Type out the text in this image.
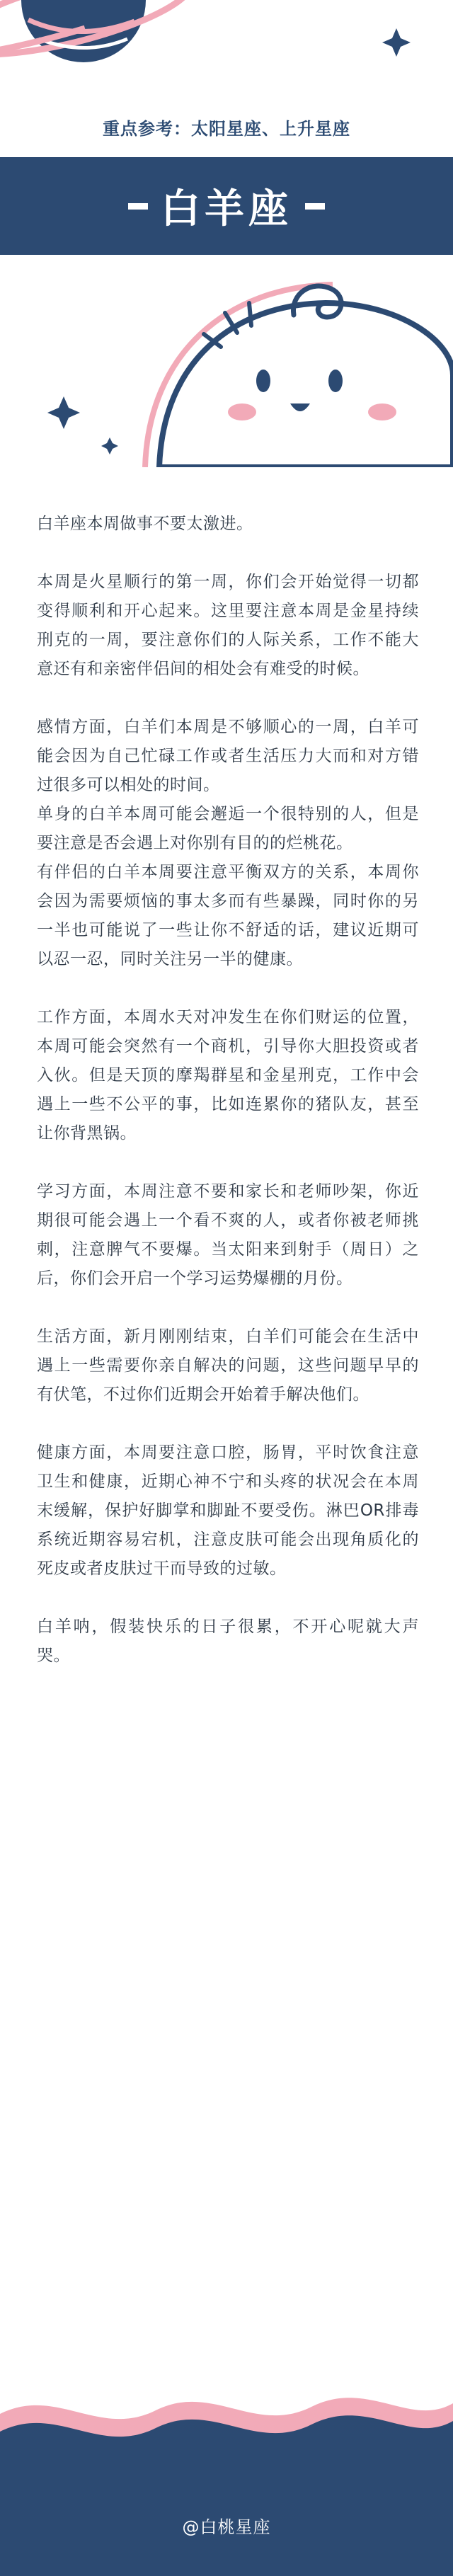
重点参考：太阳星座、上升星座
白羊座

白羊座本周做事不要太激进。

本周是火星顺行的第一周，你们会开始觉得一切都变得顺利和开心起来。这里要注意本周是金星持续刑克的一周，要注意你们的人际关系，工作不能大意还有和亲密伴侣间的相处会有难受的时候。

感情方面，白羊们本周是不够顺心的一周，白羊可能会因为自己忙碌工作或者生活压力大而和对方错过很多可以相处的时间。

单身的白羊本周可能会邂逅一个很特别的人，但是要注意是否会遇上对你别有目的的烂桃花。

有伴侣的白羊本周要注意平衡双方的关系，本周你会因为需要烦恼的事太多而有些暴躁，同时你的另一半也可能说了一些让你不舒适的话，建议近期可以忍一忍，同时关注另一半的健康。

工作方面，本周水天对冲发生在你们财运的位置，本周可能会突然有一个商机，引导你大胆投资或者入伙。但是天顶的摩羯群星和金星刑克，工作中会遇上一些不公平的事，比如连累你的猪队友，甚至让你背黑锅。

学习方面，本周注意不要和家长和老师吵架，你近期很可能会遇上一个看不爽的人，或者你被老师挑刺，注意脾气不要爆。当太阳来到射手（周日）之后，你们会开启一个学习运势爆棚的月份。

生活方面，新月刚刚结束，白羊们可能会在生活中遇上一些需要你亲自解决的问题，这些问题早早的有伏笔，不过你们近期会开始着手解决他们。

健康方面，本周要注意口腔，肠胃，平时饮食注意卫生和健康，近期心神不宁和头疼的状况会在本周末缓解，保护好脚掌和脚趾不要受伤。淋巴OR排毒系统近期容易宕机，注意皮肤可能会出现角质化的死皮或者皮肤过干而导致的过敏。

白羊呐，假装快乐的日子很累，不开心呢就大声哭。

@白桃星座
